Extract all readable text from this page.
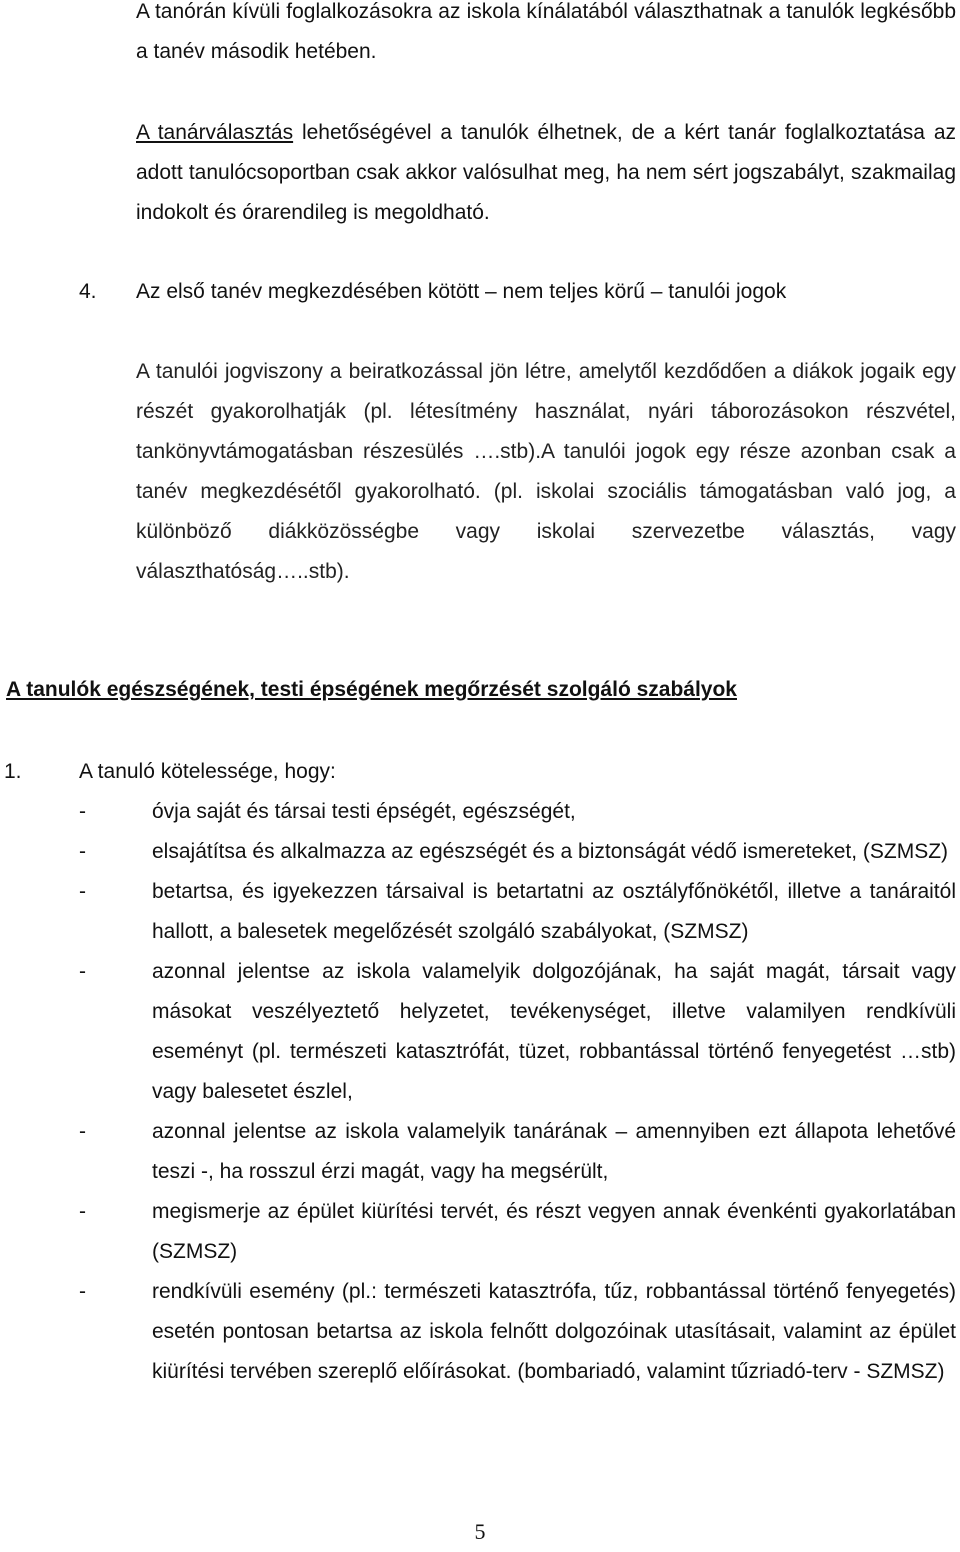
A tanórán kívüli foglalkozásokra az iskola kínálatából választhatnak a tanulók legkésőbb a tanév második hetében.

A tanárválasztás lehetőségével a tanulók élhetnek, de a kért tanár foglalkoztatása az adott tanulócsoportban csak akkor valósulhat meg, ha nem sért jogszabályt, szakmailag indokolt és órarendileg is megoldható.

4. Az első tanév megkezdésében kötött – nem teljes körű – tanulói jogok

A tanulói jogviszony a beiratkozással jön létre, amelytől kezdődően a diákok jogaik egy részét gyakorolhatják (pl. létesítmény használat, nyári táborozásokon részvétel, tankönyvtámogatásban részesülés ….stb).A tanulói jogok egy része azonban csak a tanév megkezdésétől gyakorolható. (pl. iskolai szociális támogatásban való jog, a különböző diákközösségbe vagy iskolai szervezetbe választás, vagy választhatóság…..stb).

A tanulók egészségének, testi épségének megőrzését szolgáló szabályok

1.	A tanuló kötelessége, hogy:

-	óvja saját és társai testi épségét, egészségét,
-	elsajátítsa és alkalmazza az egészségét és a biztonságát védő ismereteket, (SZMSZ)
-	betartsa, és igyekezzen társaival is betartatni az osztályfőnökétől, illetve a tanáraitól hallott, a balesetek megelőzését szolgáló szabályokat, (SZMSZ)
-	azonnal jelentse az iskola valamelyik dolgozójának, ha saját magát, társait vagy másokat veszélyeztető helyzetet, tevékenységet, illetve valamilyen rendkívüli eseményt (pl. természeti katasztrófát, tüzet, robbantással történő fenyegetést …stb) vagy balesetet észlel,
-	azonnal jelentse az iskola valamelyik tanárának – amennyiben ezt állapota lehetővé teszi -, ha rosszul érzi magát, vagy ha megsérült,
-	megismerje az épület kiürítési tervét, és részt vegyen annak évenkénti gyakorlatában (SZMSZ)
-	rendkívüli esemény (pl.: természeti katasztrófa, tűz, robbantással történő fenyegetés) esetén pontosan betartsa az iskola felnőtt dolgozóinak utasításait, valamint az épület kiürítési tervében szereplő előírásokat. (bombariadó, valamint tűzriadó-terv - SZMSZ)
5
